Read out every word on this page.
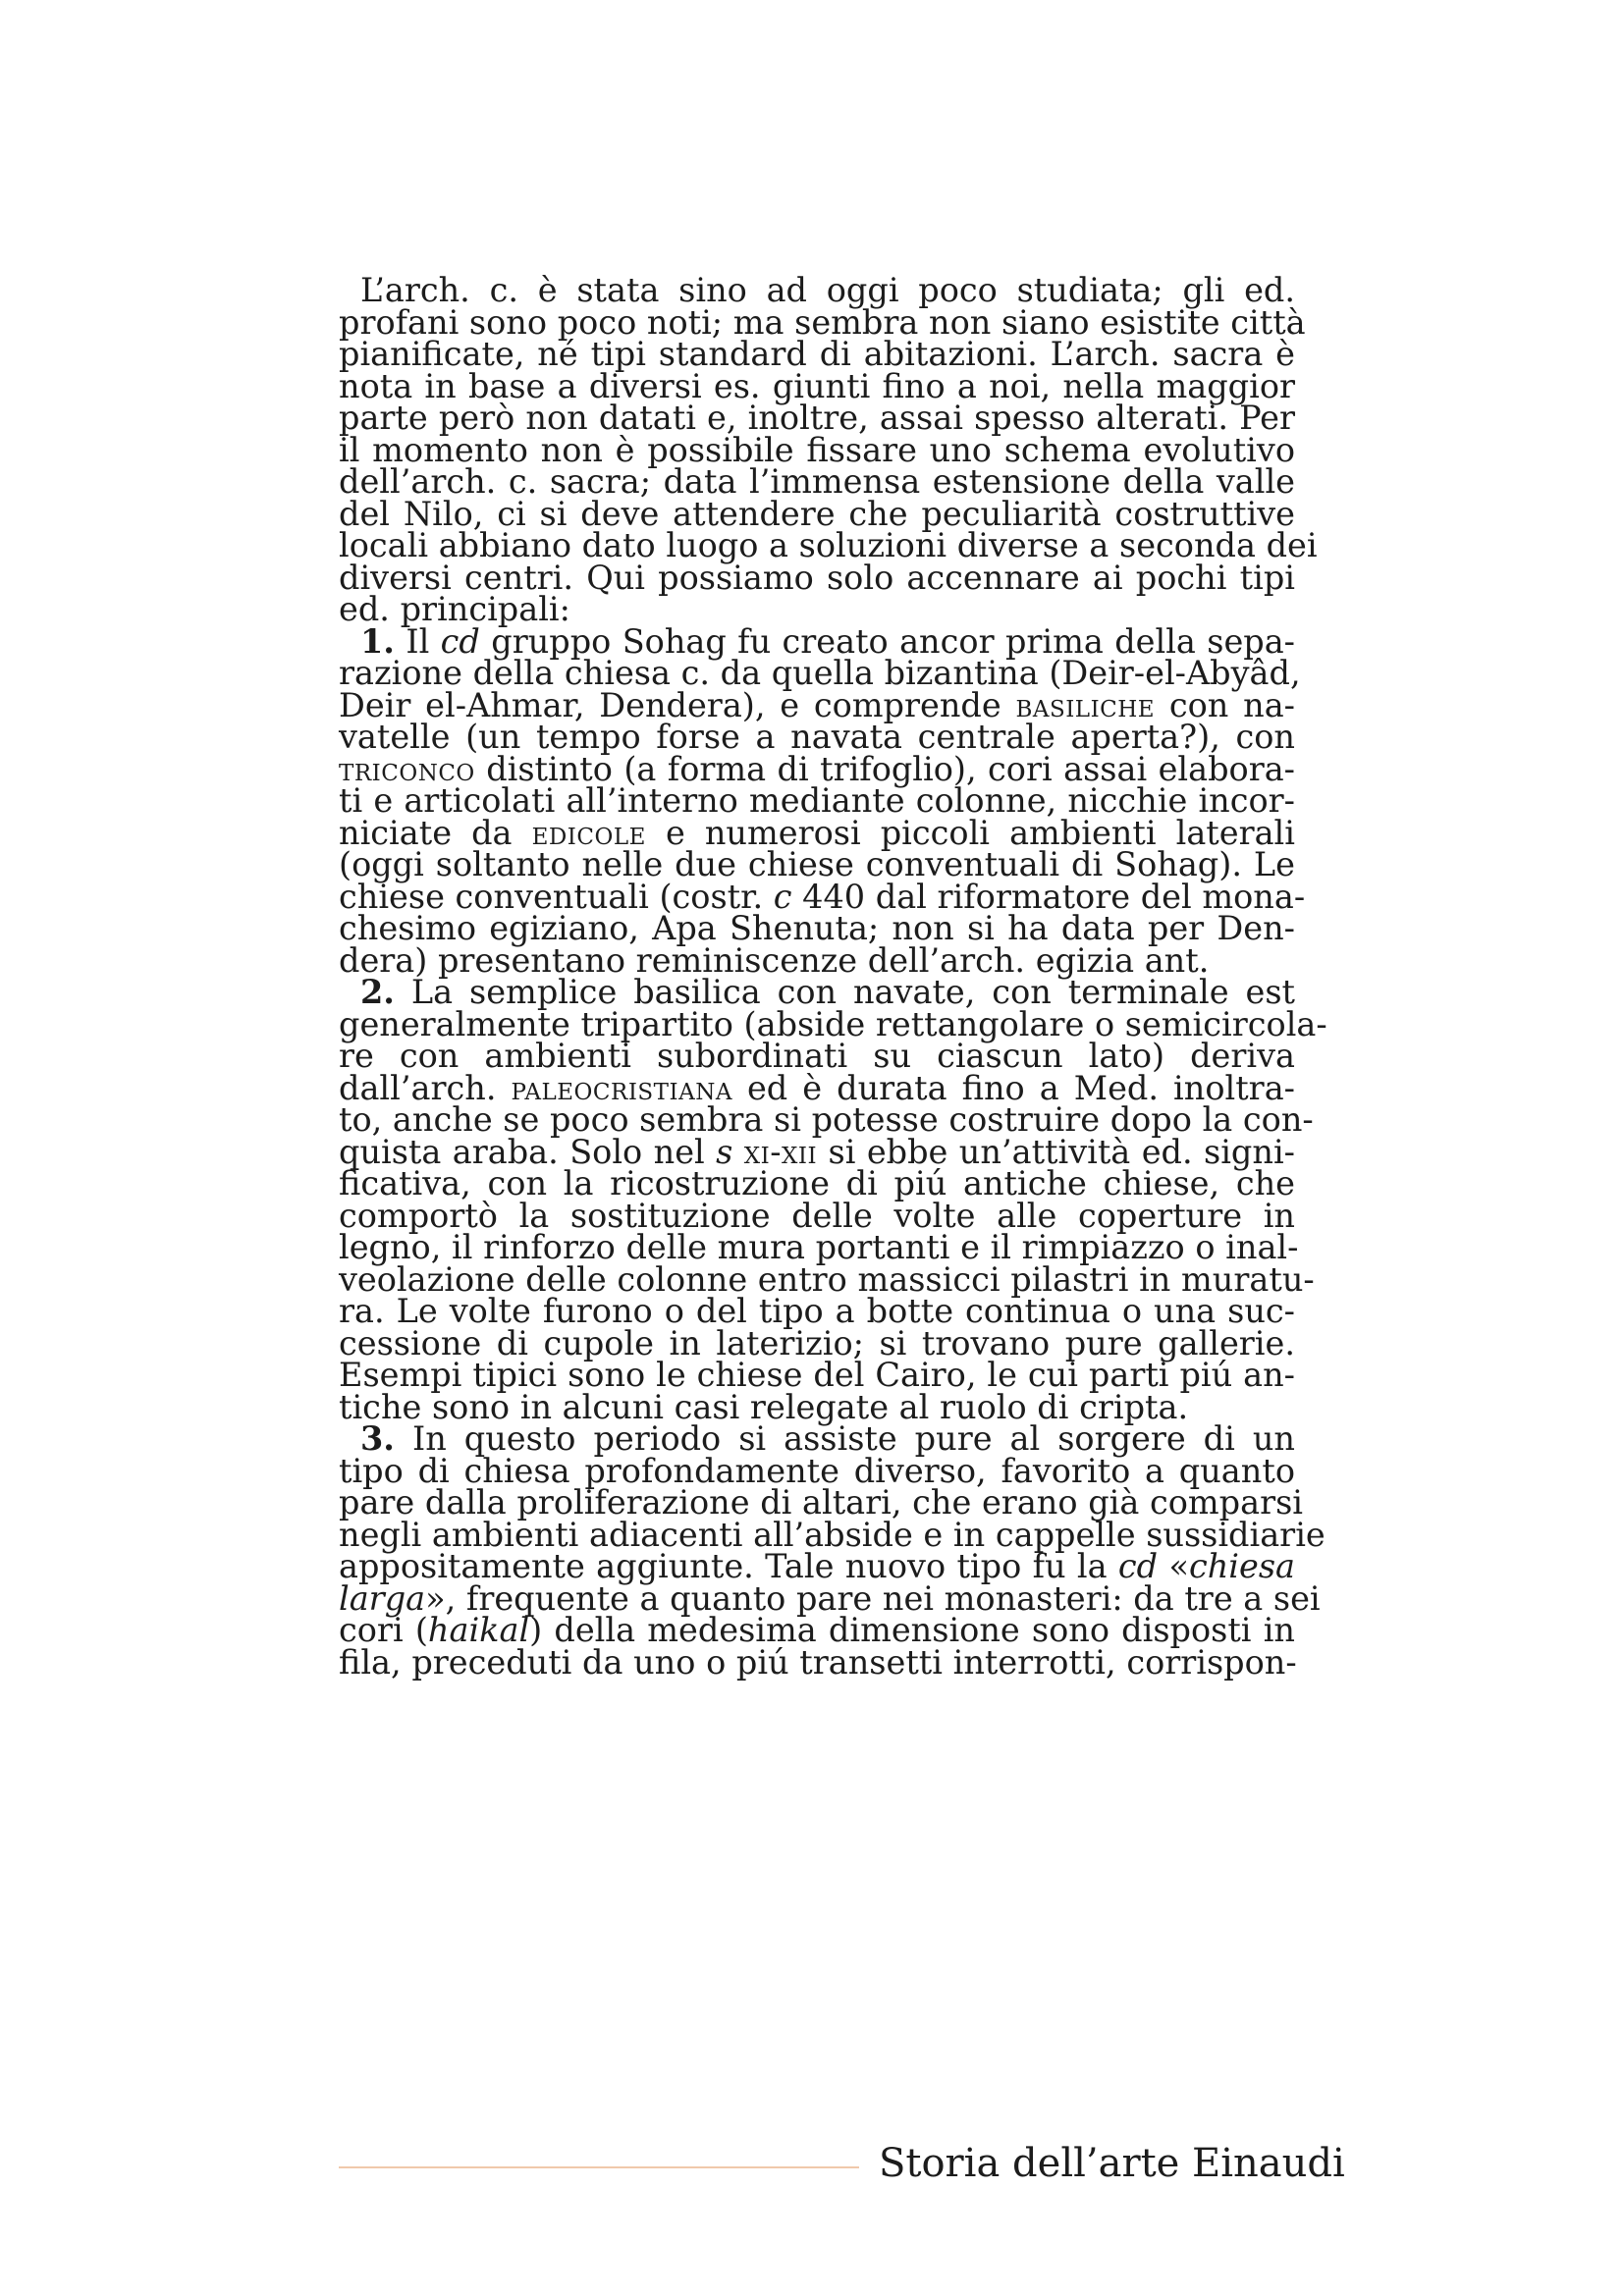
L’arch. c. è stata sino ad oggi poco studiata; gli ed.
profani sono poco noti; ma sembra non siano esistite città
pianificate, né tipi standard di abitazioni. L’arch. sacra è
nota in base a diversi es. giunti fino a noi, nella maggior
parte però non datati e, inoltre, assai spesso alterati. Per
il momento non è possibile fissare uno schema evolutivo
dell’arch. c. sacra; data l’immensa estensione della valle
del Nilo, ci si deve attendere che peculiarità costruttive
locali abbiano dato luogo a soluzioni diverse a seconda dei
diversi centri. Qui possiamo solo accennare ai pochi tipi
ed. principali:
1. Il cd gruppo Sohag fu creato ancor prima della sepa-
razione della chiesa c. da quella bizantina (Deir-el-Abyâd,
Deir el-Ahmar, Dendera), e comprende basiliche con na-
vatelle (un tempo forse a navata centrale aperta?), con
triconco distinto (a forma di trifoglio), cori assai elabora-
ti e articolati all’interno mediante colonne, nicchie incor-
niciate da edicole e numerosi piccoli ambienti laterali
(oggi soltanto nelle due chiese conventuali di Sohag). Le
chiese conventuali (costr. c 440 dal riformatore del mona-
chesimo egiziano, Apa Shenuta; non si ha data per Den-
dera) presentano reminiscenze dell’arch. egizia ant.
2. La semplice basilica con navate, con terminale est
generalmente tripartito (abside rettangolare o semicircola-
re con ambienti subordinati su ciascun lato) deriva
dall’arch. paleocristiana ed è durata fino a Med. inoltra-
to, anche se poco sembra si potesse costruire dopo la con-
quista araba. Solo nel s xi-xii si ebbe un’attività ed. signi-
ficativa, con la ricostruzione di piú antiche chiese, che
comportò la sostituzione delle volte alle coperture in
legno, il rinforzo delle mura portanti e il rimpiazzo o inal-
veolazione delle colonne entro massicci pilastri in muratu-
ra. Le volte furono o del tipo a botte continua o una suc-
cessione di cupole in laterizio; si trovano pure gallerie.
Esempi tipici sono le chiese del Cairo, le cui parti piú an-
tiche sono in alcuni casi relegate al ruolo di cripta.
3. In questo periodo si assiste pure al sorgere di un
tipo di chiesa profondamente diverso, favorito a quanto
pare dalla proliferazione di altari, che erano già comparsi
negli ambienti adiacenti all’abside e in cappelle sussidiarie
appositamente aggiunte. Tale nuovo tipo fu la cd «chiesa
larga», frequente a quanto pare nei monasteri: da tre a sei
cori (haikal) della medesima dimensione sono disposti in
fila, preceduti da uno o piú transetti interrotti, corrispon-
Storia dell’arte Einaudi
